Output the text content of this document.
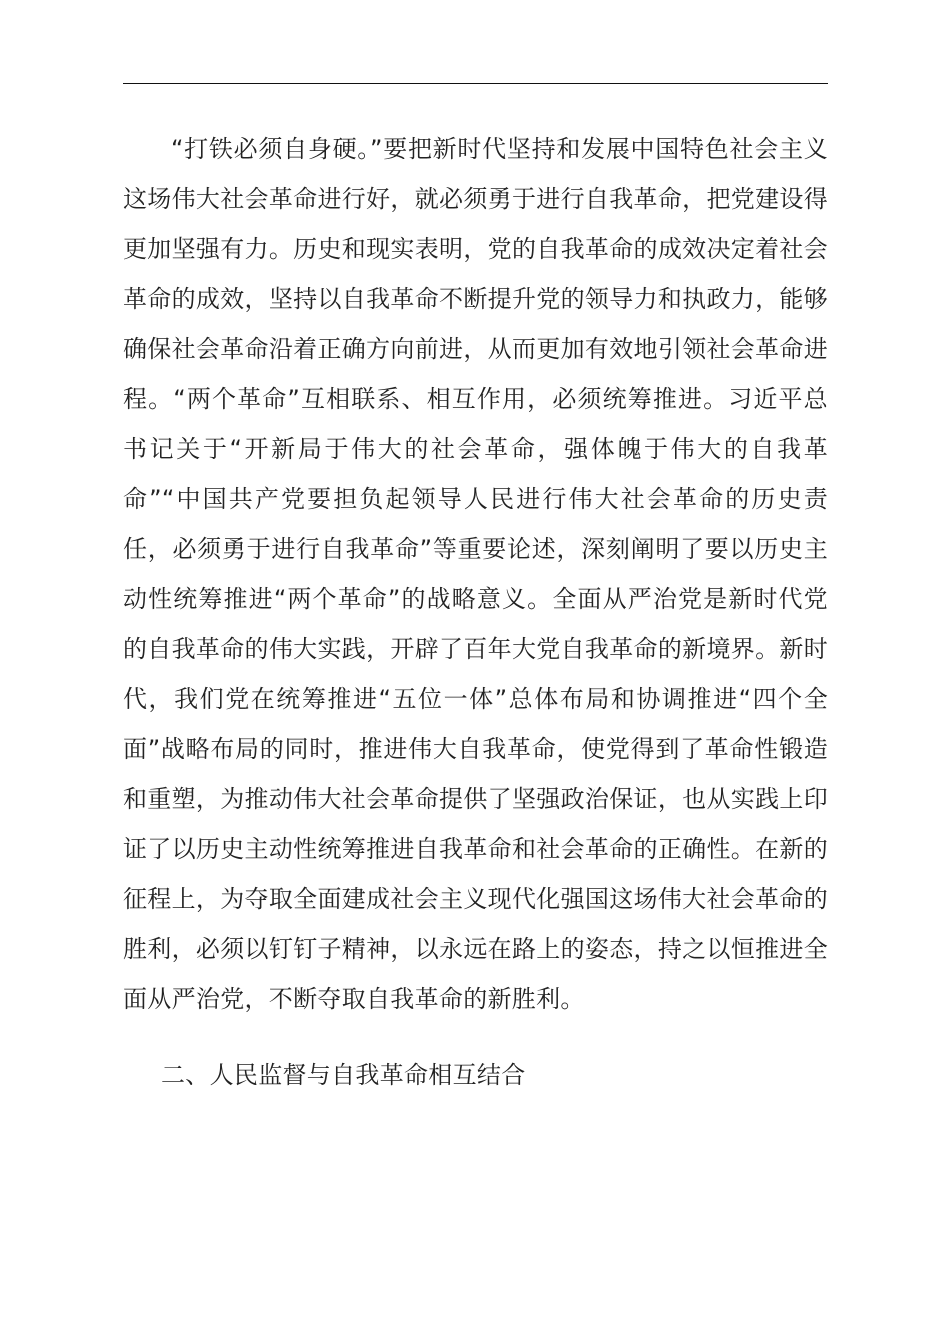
“打铁必须自身硬。”要把新时代坚持和发展中国特色社会主义这场伟大社会革命进行好，就必须勇于进行自我革命，把党建设得更加坚强有力。历史和现实表明，党的自我革命的成效决定着社会革命的成效，坚持以自我革命不断提升党的领导力和执政力，能够确保社会革命沿着正确方向前进，从而更加有效地引领社会革命进程。“两个革命”互相联系、相互作用，必须统筹推进。习近平总书记关于“开新局于伟大的社会革命，强体魄于伟大的自我革命”“中国共产党要担负起领导人民进行伟大社会革命的历史责任，必须勇于进行自我革命”等重要论述，深刻阐明了要以历史主动性统筹推进“两个革命”的战略意义。全面从严治党是新时代党的自我革命的伟大实践，开辟了百年大党自我革命的新境界。新时代，我们党在统筹推进“五位一体”总体布局和协调推进“四个全面”战略布局的同时，推进伟大自我革命，使党得到了革命性锻造和重塑，为推动伟大社会革命提供了坚强政治保证，也从实践上印证了以历史主动性统筹推进自我革命和社会革命的正确性。在新的征程上，为夺取全面建成社会主义现代化强国这场伟大社会革命的胜利，必须以钉钉子精神，以永远在路上的姿态，持之以恒推进全面从严治党，不断夺取自我革命的新胜利。

二、人民监督与自我革命相互结合
